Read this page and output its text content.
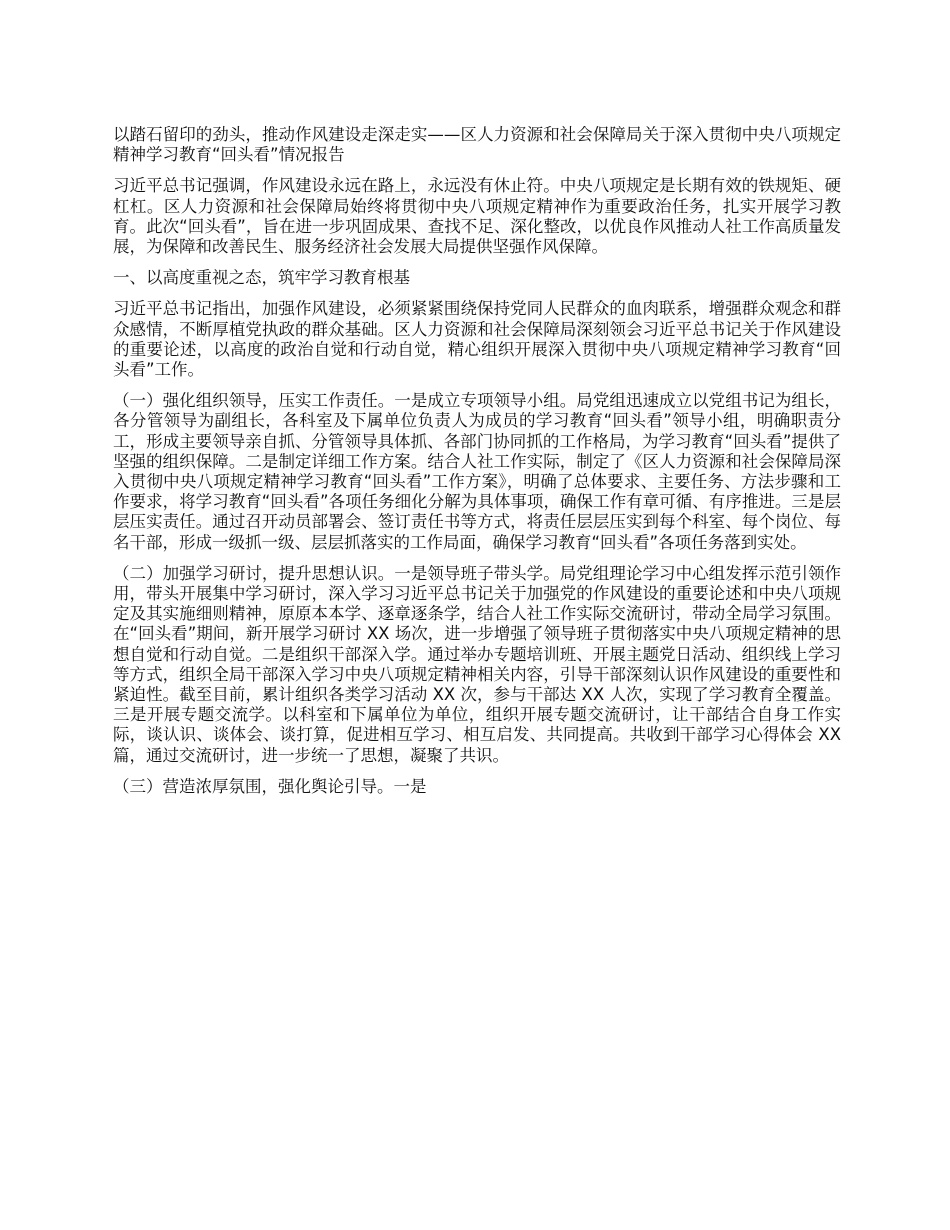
以踏石留印的劲头，推动作风建设走深走实——区人力资源和社会保障局关于深入贯彻中央八项规定精神学习教育“回头看”情况报告

习近平总书记强调，作风建设永远在路上，永远没有休止符。中央八项规定是长期有效的铁规矩、硬杠杠。区人力资源和社会保障局始终将贯彻中央八项规定精神作为重要政治任务，扎实开展学习教育。此次“回头看”，旨在进一步巩固成果、查找不足、深化整改，以优良作风推动人社工作高质量发展，为保障和改善民生、服务经济社会发展大局提供坚强作风保障。

一、以高度重视之态，筑牢学习教育根基

习近平总书记指出，加强作风建设，必须紧紧围绕保持党同人民群众的血肉联系，增强群众观念和群众感情，不断厚植党执政的群众基础。区人力资源和社会保障局深刻领会习近平总书记关于作风建设的重要论述，以高度的政治自觉和行动自觉，精心组织开展深入贯彻中央八项规定精神学习教育“回头看”工作。

（一）强化组织领导，压实工作责任。一是成立专项领导小组。局党组迅速成立以党组书记为组长，各分管领导为副组长，各科室及下属单位负责人为成员的学习教育“回头看”领导小组，明确职责分工，形成主要领导亲自抓、分管领导具体抓、各部门协同抓的工作格局，为学习教育“回头看”提供了坚强的组织保障。二是制定详细工作方案。结合人社工作实际，制定了《区人力资源和社会保障局深入贯彻中央八项规定精神学习教育“回头看”工作方案》，明确了总体要求、主要任务、方法步骤和工作要求，将学习教育“回头看”各项任务细化分解为具体事项，确保工作有章可循、有序推进。三是层层压实责任。通过召开动员部署会、签订责任书等方式，将责任层层压实到每个科室、每个岗位、每名干部，形成一级抓一级、层层抓落实的工作局面，确保学习教育“回头看”各项任务落到实处。

（二）加强学习研讨，提升思想认识。一是领导班子带头学。局党组理论学习中心组发挥示范引领作用，带头开展集中学习研讨，深入学习习近平总书记关于加强党的作风建设的重要论述和中央八项规定及其实施细则精神，原原本本学、逐章逐条学，结合人社工作实际交流研讨，带动全局学习氛围。在“回头看”期间，新开展学习研讨 XX 场次，进一步增强了领导班子贯彻落实中央八项规定精神的思想自觉和行动自觉。二是组织干部深入学。通过举办专题培训班、开展主题党日活动、组织线上学习等方式，组织全局干部深入学习中央八项规定精神相关内容，引导干部深刻认识作风建设的重要性和紧迫性。截至目前，累计组织各类学习活动 XX 次，参与干部达 XX 人次，实现了学习教育全覆盖。三是开展专题交流学。以科室和下属单位为单位，组织开展专题交流研讨，让干部结合自身工作实际，谈认识、谈体会、谈打算，促进相互学习、相互启发、共同提高。共收到干部学习心得体会 XX 篇，通过交流研讨，进一步统一了思想，凝聚了共识。

（三）营造浓厚氛围，强化舆论引导。一是
